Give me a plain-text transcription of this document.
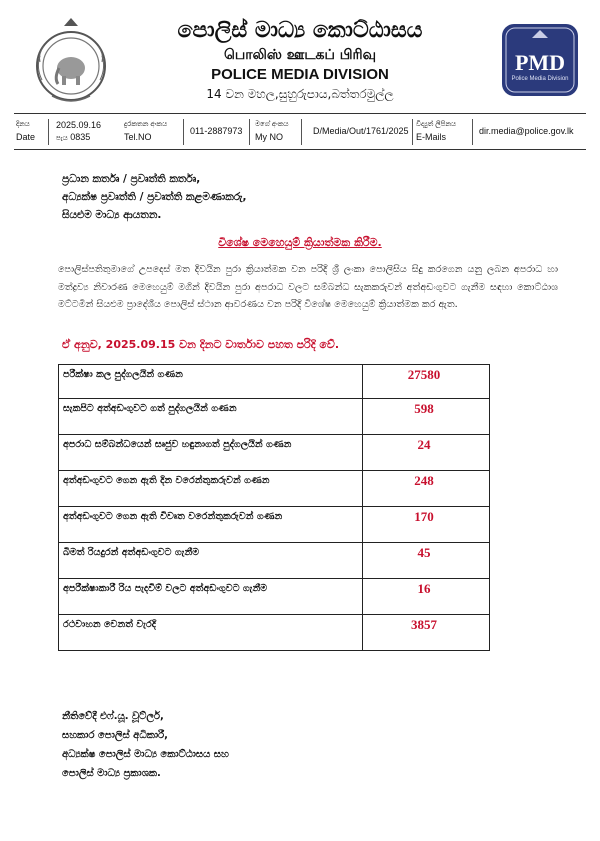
PMD
Police Media Division
පොලිස් මාධ්‍ය කොට්ඨාසය
பொலிஸ் ஊடகப் பிரிவு
POLICE MEDIA DIVISION
14 වන මහල,සුහුරුපාය,බත්තරමුල්ල
දිනය
Date
2025.09.16
පැය 0835
දුරකතන අංකය
Tel.NO
011-2887973
මගේ අංකය
My NO
D/Media/Out/1761/2025
විද්‍යුත් ලිපිනය
E-Mails
dir.media@police.gov.lk
ප්‍රධාන කර්තෘ / ප්‍රවෘත්ති කර්තෘ,
අධ්‍යක්ෂ ප්‍රවෘත්ති / ප්‍රවෘත්ති කළමණාකරු,
සියළුම මාධ්‍ය ආයතන.
විශේෂ මෙහෙයුම් ක්‍රියාත්මක කිරීම.
පොලිස්පතිතුමාගේ උපදෙස් මත දිවයින පුරා ක්‍රියාත්මක වන පරිදි ශ්‍රී ලංකා පොලිසිය සිදු කරගෙන යනු ලබන අපරාධ හා මත්ද්‍රව්‍ය නිවාරණ මෙහෙයුම් මගින් දිවයින පුරා අපරාධ වලට සම්බන්ධ සැකකරුවන් අත්අඩංගුවට ගැනීම සඳහා කොට්ඨාශ මට්ටමින් සියළුම ප්‍රාදේශීය පොලිස් ස්ථාන ආවරණය වන පරිදි විශේෂ මෙහෙයුම් ක්‍රියාත්මක කර ඇත.
ඒ අනුව, 2025.09.15 වන දිනට වාර්තාව පහත පරිදි වේ.
පරීක්ෂා කල පුද්ගලයින් ගණන	27580
සැකපිට අත්අඩංගුවට ගත් පුද්ගලයින් ගණන	598
අපරාධ සම්බන්ධයෙන් සෘජුව හඳුනාගත් පුද්ගලයින් ගණන	24
අත්අඩංගුවට ගෙන ඇති දින වරෙන්තුකරුවන් ගණන	248
අත්අඩංගුවට ගෙන ඇති විවෘත වරෙන්තුකරුවන් ගණන	170
බීමත් රියදුරන් අත්අඩංගුවට ගැනීම	45
අපරීක්ෂාකාරී රිය පැදවීම් වලට අත්අඩංගුවට ගැනීම	16
රථවාහන වෙනත් වැරදි	3857
නීතිවේදී එෆ්.යූ. වූට්ලර්,
සහකාර පොලිස් අධිකාරී,
අධ්‍යක්ෂ පොලිස් මාධ්‍ය කොට්ඨාසය සහ
පොලිස් මාධ්‍ය ප්‍රකාශක.
